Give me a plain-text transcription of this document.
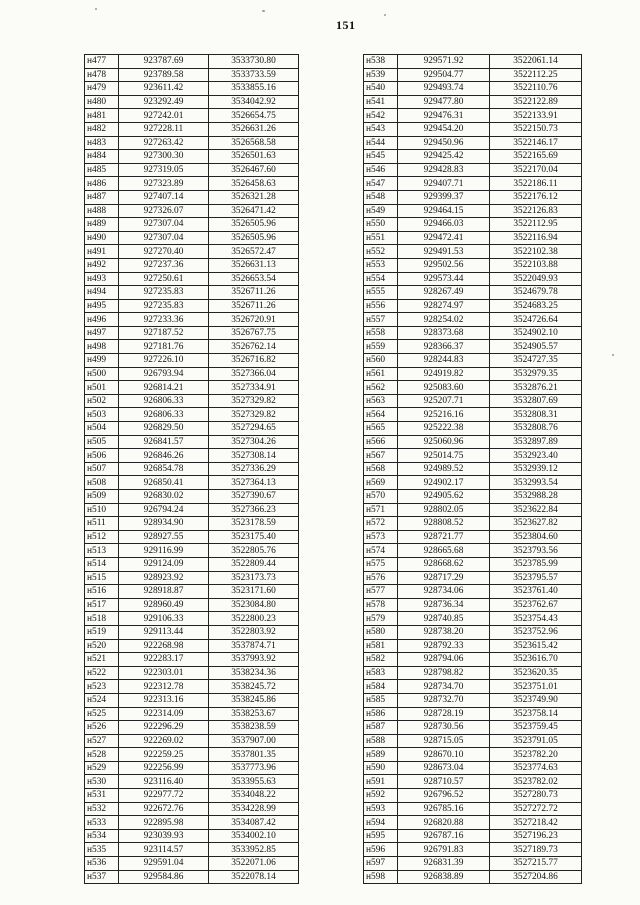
151
н477	923787.69	3533730.80
н478	923789.58	3533733.59
н479	923611.42	3533855.16
н480	923292.49	3534042.92
н481	927242.01	3526654.75
н482	927228.11	3526631.26
н483	927263.42	3526568.58
н484	927300.30	3526501.63
н485	927319.05	3526467.60
н486	927323.89	3526458.63
н487	927407.14	3526321.28
н488	927326.07	3526471.42
н489	927307.04	3526505.96
н490	927307.04	3526505.96
н491	927270.40	3526572.47
н492	927237.36	3526631.13
н493	927250.61	3526653.54
н494	927235.83	3526711.26
н495	927235.83	3526711.26
н496	927233.36	3526720.91
н497	927187.52	3526767.75
н498	927181.76	3526762.14
н499	927226.10	3526716.82
н500	926793.94	3527366.04
н501	926814.21	3527334.91
н502	926806.33	3527329.82
н503	926806.33	3527329.82
н504	926829.50	3527294.65
н505	926841.57	3527304.26
н506	926846.26	3527308.14
н507	926854.78	3527336.29
н508	926850.41	3527364.13
н509	926830.02	3527390.67
н510	926794.24	3527366.23
н511	928934.90	3523178.59
н512	928927.55	3523175.40
н513	929116.99	3522805.76
н514	929124.09	3522809.44
н515	928923.92	3523173.73
н516	928918.87	3523171.60
н517	928960.49	3523084.80
н518	929106.33	3522800.23
н519	929113.44	3522803.92
н520	922268.98	3537874.71
н521	922283.17	3537993.92
н522	922303.01	3538234.36
н523	922312.78	3538245.72
н524	922313.16	3538245.86
н525	922314.09	3538253.67
н526	922296.29	3538238.59
н527	922269.02	3537907.00
н528	922259.25	3537801.35
н529	922256.99	3537773.96
н530	923116.40	3533955.63
н531	922977.72	3534048.22
н532	922672.76	3534228.99
н533	922895.98	3534087.42
н534	923039.93	3534002.10
н535	923114.57	3533952.85
н536	929591.04	3522071.06
н537	929584.86	3522078.14
н538	929571.92	3522061.14
н539	929504.77	3522112.25
н540	929493.74	3522110.76
н541	929477.80	3522122.89
н542	929476.31	3522133.91
н543	929454.20	3522150.73
н544	929450.96	3522146.17
н545	929425.42	3522165.69
н546	929428.83	3522170.04
н547	929407.71	3522186.11
н548	929399.37	3522176.12
н549	929464.15	3522126.83
н550	929466.03	3522112.95
н551	929472.41	3522116.94
н552	929491.53	3522102.38
н553	929502.56	3522103.88
н554	929573.44	3522049.93
н555	928267.49	3524679.78
н556	928274.97	3524683.25
н557	928254.02	3524726.64
н558	928373.68	3524902.10
н559	928366.37	3524905.57
н560	928244.83	3524727.35
н561	924919.82	3532979.35
н562	925083.60	3532876.21
н563	925207.71	3532807.69
н564	925216.16	3532808.31
н565	925222.38	3532808.76
н566	925060.96	3532897.89
н567	925014.75	3532923.40
н568	924989.52	3532939.12
н569	924902.17	3532993.54
н570	924905.62	3532988.28
н571	928802.05	3523622.84
н572	928808.52	3523627.82
н573	928721.77	3523804.60
н574	928665.68	3523793.56
н575	928668.62	3523785.99
н576	928717.29	3523795.57
н577	928734.06	3523761.40
н578	928736.34	3523762.67
н579	928740.85	3523754.43
н580	928738.20	3523752.96
н581	928792.33	3523615.42
н582	928794.06	3523616.70
н583	928798.82	3523620.35
н584	928734.70	3523751.01
н585	928732.70	3523749.90
н586	928728.19	3523758.14
н587	928730.56	3523759.45
н588	928715.05	3523791.05
н589	928670.10	3523782.20
н590	928673.04	3523774.63
н591	928710.57	3523782.02
н592	926796.52	3527280.73
н593	926785.16	3527272.72
н594	926820.88	3527218.42
н595	926787.16	3527196.23
н596	926791.83	3527189.73
н597	926831.39	3527215.77
н598	926838.89	3527204.86
